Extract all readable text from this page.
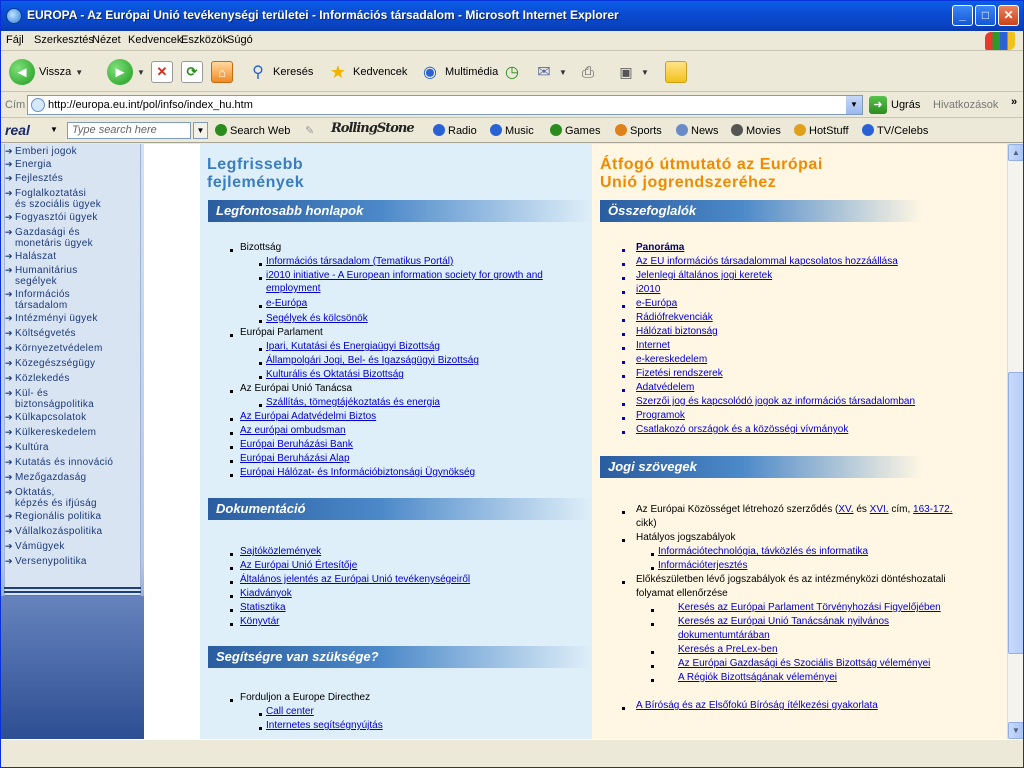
EUROPA - Az Európai Unió tevékenységi területei - Információs társadalom - Microsoft Internet Explorer	_	□	✕
Fájl Szerkesztés
Nézet Kedvencek
Eszközök
Súgó
◄ Vissza ▼	►	▼ ✕	⟳	⌂	⚲ Keresés ★ Kedvencek ◉ Multimédia ◷ ✉	▼	⎙	▣	▼
Cím	http://europa.eu.int/pol/infso/index_hu.htm	▼	➜ Ugrás Hivatkozások »
real	▼	Type search here	▼	Search Web ✎ RollingStone	Radio	Music	Games	Sports	News	Movies	HotStuff	TV/Celebs
➔ Emberi jogok
➔ Energia
➔ Fejlesztés
➔ Foglalkoztatási
és szociális ügyek
➔ Fogyasztói ügyek
➔ Gazdasági és
monetáris ügyek
➔ Halászat
➔ Humanitárius
segélyek
➔ Információs
társadalom
➔ Intézményi ügyek
➔ Költségvetés
➔ Környezetvédelem
➔ Közegészségügy
➔ Közlekedés
➔ Kül- és
biztonságpolitika
➔ Külkapcsolatok
➔ Külkereskedelem
➔ Kultúra
➔ Kutatás és innováció
➔ Mezőgazdaság
➔ Oktatás,
képzés és ifjúság
➔ Regionális politika
➔ Vállalkozáspolitika
➔ Vámügyek
➔ Versenypolitika
Legfrissebb
fejlemények
Legfontosabb honlapok
Bizottság
Információs társadalom (Tematikus Portál)
i2010 initiative - A European information society for growth and
employment
e-Európa
Segélyek és kölcsönök
Európai Parlament
Ipari, Kutatási és Energiaügyi Bizottság
Állampolgári Jogi, Bel- és Igazságügyi Bizottság
Kulturális és Oktatási Bizottság
Az Európai Unió Tanácsa
Szállítás, tömegtájékoztatás és energia
Az Európai Adatvédelmi Biztos
Az európai ombudsman
Európai Beruházási Bank
Európai Beruházási Alap
Európai Hálózat- és Információbiztonsági Ügynökség
Dokumentáció
Sajtóközlemények
Az Európai Unió Értesítője
Általános jelentés az Európai Unió tevékenységeiről
Kiadványok
Statisztika
Könyvtár
Segítségre van szüksége?
Forduljon a Europe Directhez
Call center
Internetes segítségnyújtás
Átfogó útmutató az Európai
Unió jogrendszeréhez
Összefoglalók
Panoráma
Az EU információs társadalommal kapcsolatos hozzáállása
Jelenlegi általános jogi keretek
i2010
e-Európa
Rádiófrekvenciák
Hálózati biztonság
Internet
e-kereskedelem
Fizetési rendszerek
Adatvédelem
Szerzői jog és kapcsolódó jogok az információs társadalomban
Programok
Csatlakozó országok és a közösségi vívmányok
Jogi szövegek
Az Európai Közösséget létrehozó szerződés (XV. és XVI. cím, 163-172.
cikk)
Hatályos jogszabályok
Információtechnológia, távközlés és informatika
Információterjesztés
Előkészületben lévő jogszabályok és az intézményközi döntéshozatali
folyamat ellenőrzése
Keresés az Európai Parlament Törvényhozási Figyelőjében
Keresés az Európai Unió Tanácsának nyilvános
dokumentumtárában
Keresés a PreLex-ben
Az Európai Gazdasági és Szociális Bizottság véleményei
A Régiók Bizottságának véleményei
A Bíróság és az Elsőfokú Bíróság ítélkezési gyakorlata
▲
▼
